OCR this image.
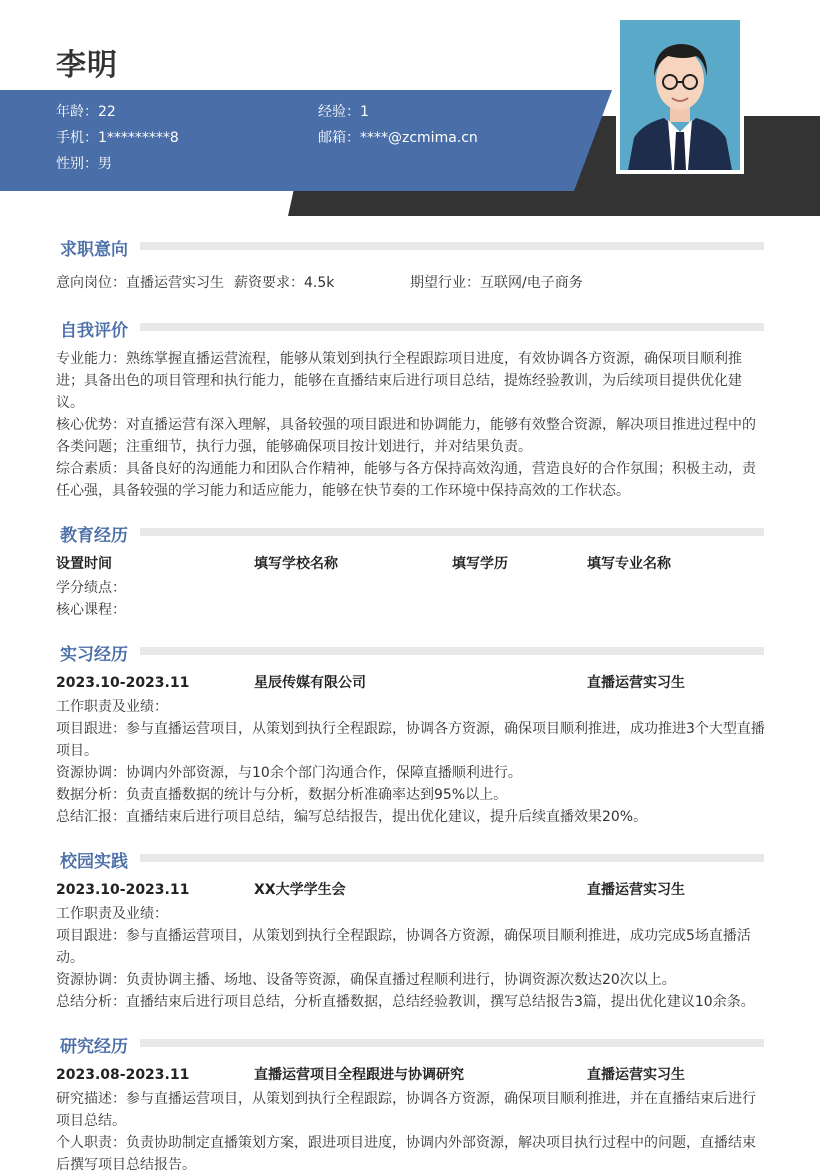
李明
年龄：22	经验：1
手机：1*********8	邮箱：****@zcmima.cn
性别：男
求职意向
意向岗位：直播运营实习生 薪资要求：4.5k	期望行业：互联网/电子商务
自我评价
专业能力：熟练掌握直播运营流程，能够从策划到执行全程跟踪项目进度，有效协调各方资源，确保项目顺利推进；具备出色的项目管理和执行能力，能够在直播结束后进行项目总结，提炼经验教训，为后续项目提供优化建议。
核心优势：对直播运营有深入理解，具备较强的项目跟进和协调能力，能够有效整合资源，解决项目推进过程中的各类问题；注重细节，执行力强，能够确保项目按计划进行，并对结果负责。
综合素质：具备良好的沟通能力和团队合作精神，能够与各方保持高效沟通，营造良好的合作氛围；积极主动，责任心强，具备较强的学习能力和适应能力，能够在快节奏的工作环境中保持高效的工作状态。
教育经历
设置时间	填写学校名称	填写学历	填写专业名称
学分绩点：
核心课程：
实习经历
2023.10-2023.11	星辰传媒有限公司	直播运营实习生
工作职责及业绩：
项目跟进：参与直播运营项目，从策划到执行全程跟踪，协调各方资源，确保项目顺利推进，成功推进3个大型直播项目。
资源协调：协调内外部资源，与10余个部门沟通合作，保障直播顺利进行。
数据分析：负责直播数据的统计与分析，数据分析准确率达到95%以上。
总结汇报：直播结束后进行项目总结，编写总结报告，提出优化建议，提升后续直播效果20%。
校园实践
2023.10-2023.11	XX大学学生会	直播运营实习生
工作职责及业绩：
项目跟进：参与直播运营项目，从策划到执行全程跟踪，协调各方资源，确保项目顺利推进，成功完成5场直播活动。
资源协调：负责协调主播、场地、设备等资源，确保直播过程顺利进行，协调资源次数达20次以上。
总结分析：直播结束后进行项目总结，分析直播数据，总结经验教训，撰写总结报告3篇，提出优化建议10余条。
研究经历
2023.08-2023.11	直播运营项目全程跟进与协调研究	直播运营实习生
研究描述：参与直播运营项目，从策划到执行全程跟踪，协调各方资源，确保项目顺利推进，并在直播结束后进行项目总结。
个人职责：负责协助制定直播策划方案，跟进项目进度，协调内外部资源，解决项目执行过程中的问题，直播结束后撰写项目总结报告。
